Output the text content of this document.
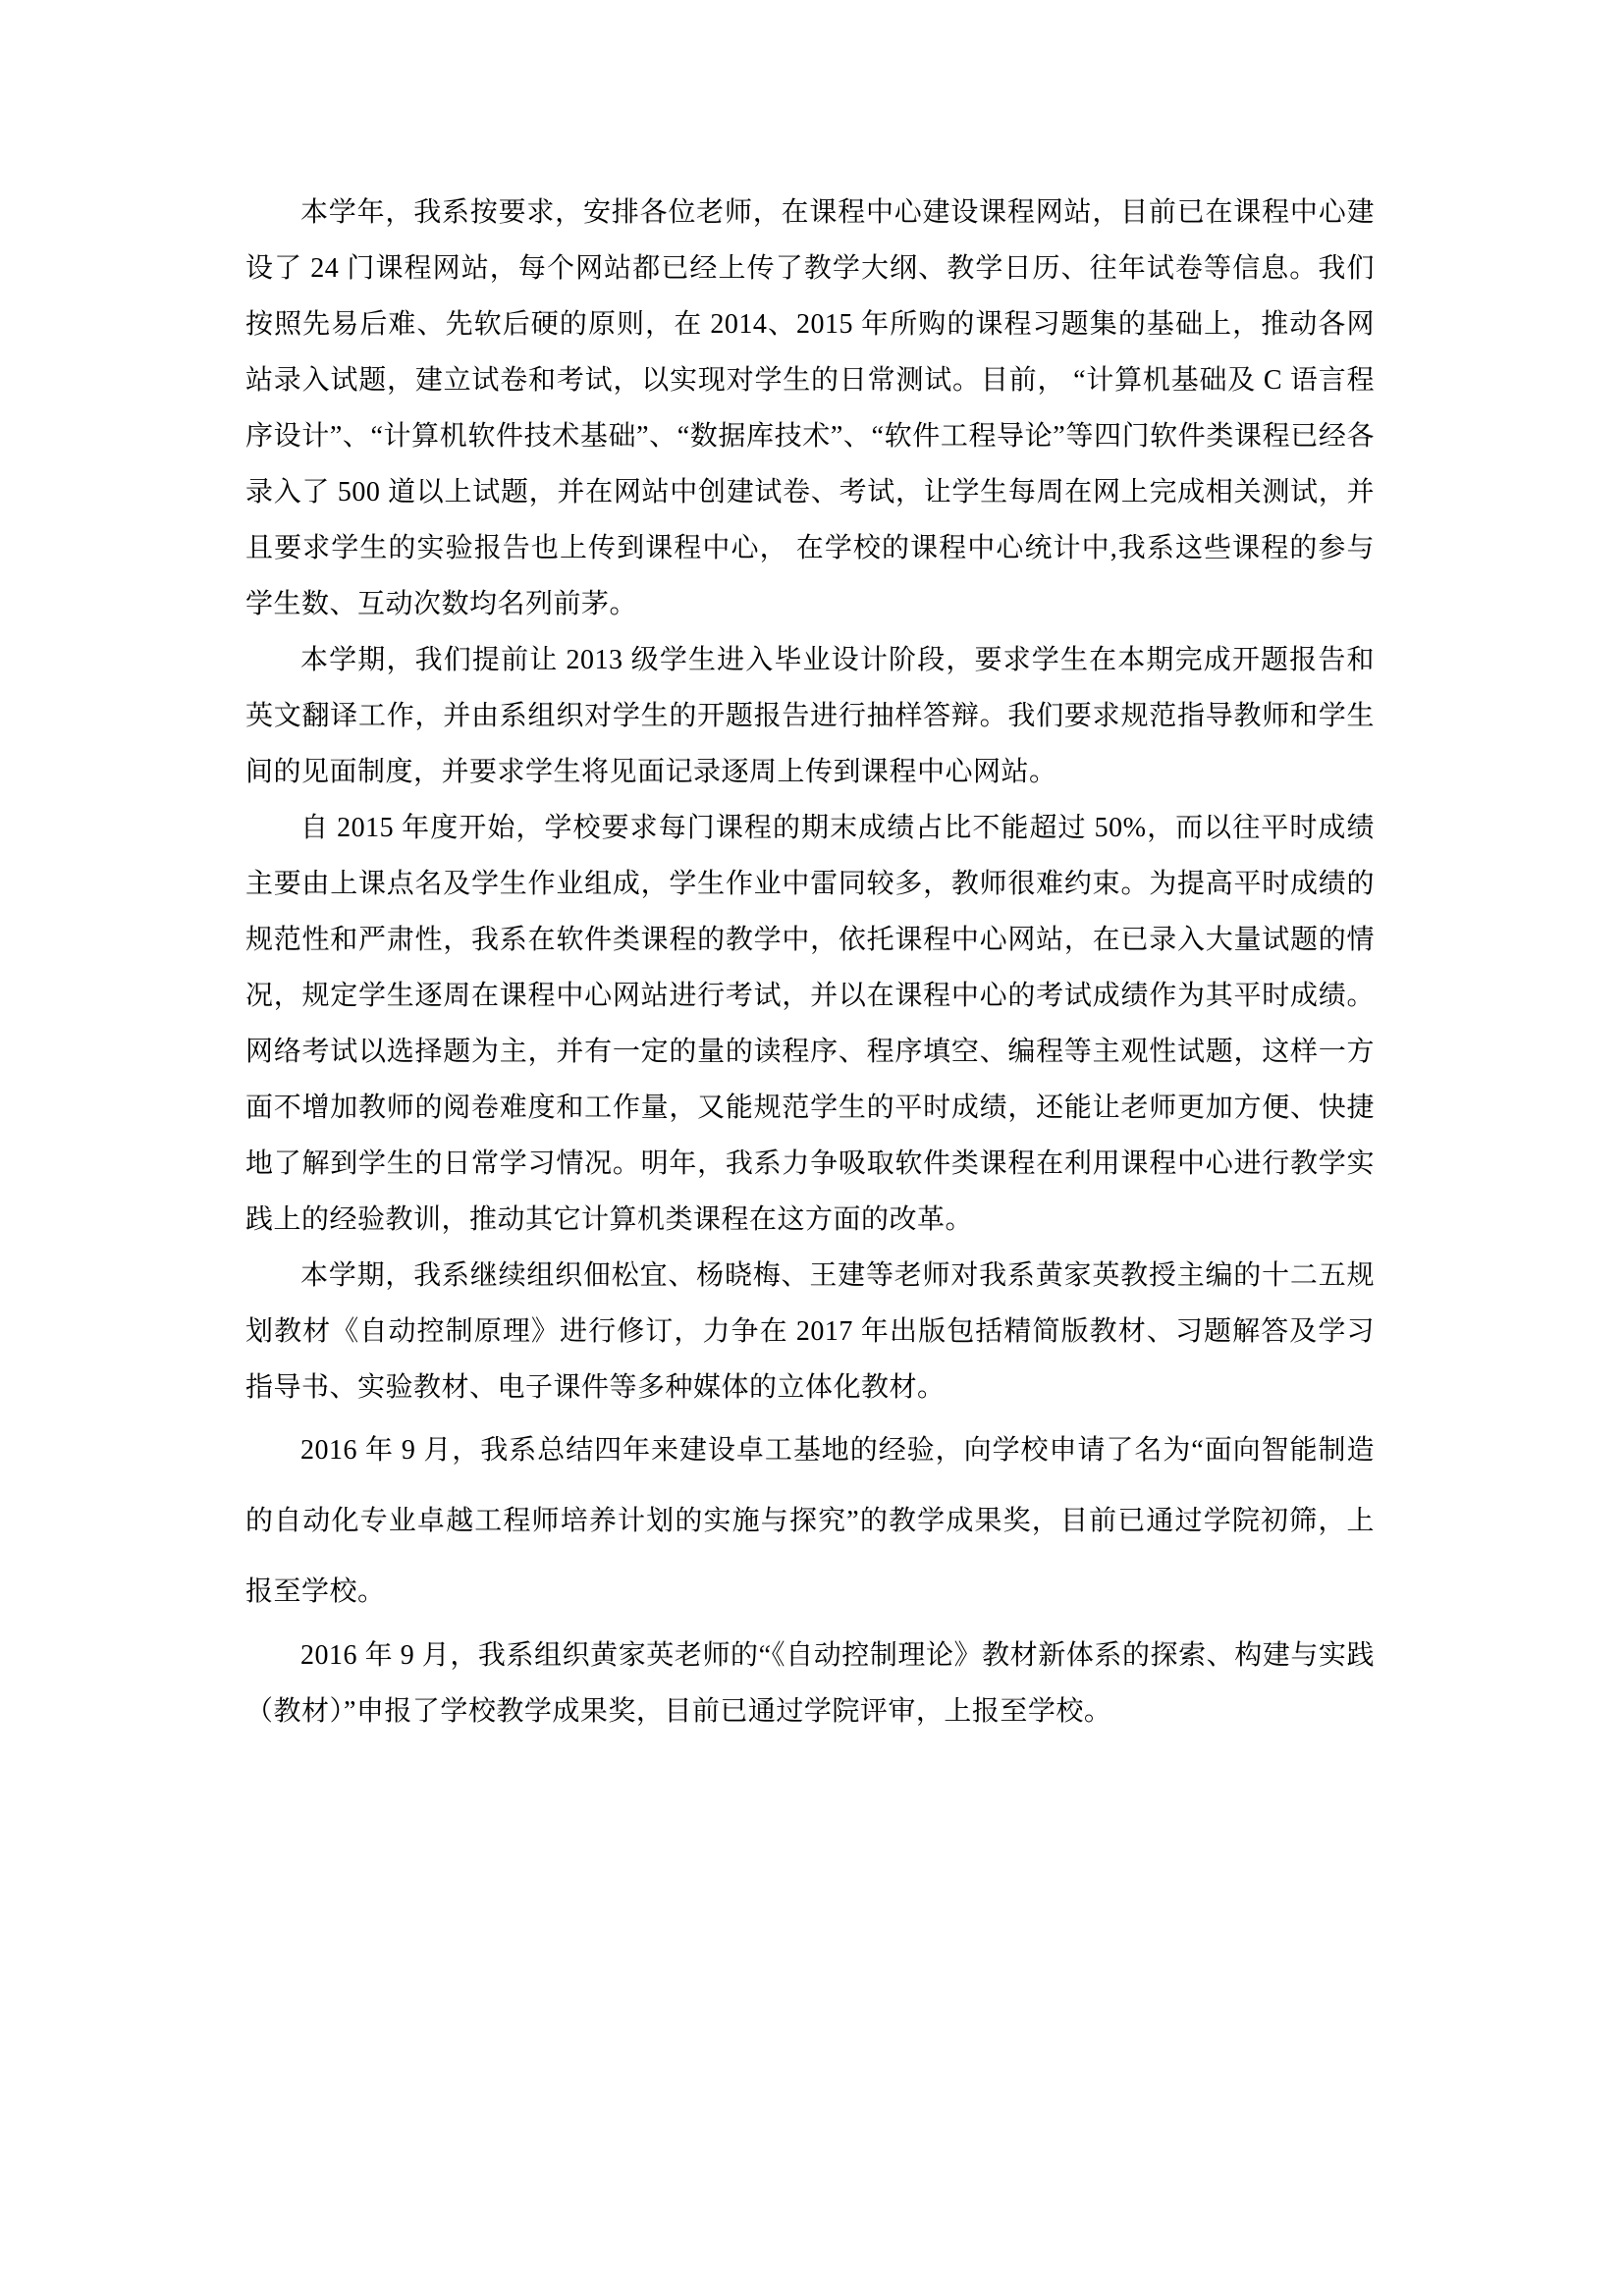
本学年，我系按要求，安排各位老师，在课程中心建设课程网站，目前已在课程中心建设了 24 门课程网站，每个网站都已经上传了教学大纲、教学日历、往年试卷等信息。我们按照先易后难、先软后硬的原则，在 2014、2015 年所购的课程习题集的基础上，推动各网站录入试题，建立试卷和考试，以实现对学生的日常测试。目前， “计算机基础及 C 语言程序设计”、“计算机软件技术基础”、“数据库技术”、“软件工程导论”等四门软件类课程已经各录入了 500 道以上试题，并在网站中创建试卷、考试，让学生每周在网上完成相关测试，并且要求学生的实验报告也上传到课程中心， 在学校的课程中心统计中,我系这些课程的参与学生数、互动次数均名列前茅。

本学期，我们提前让 2013 级学生进入毕业设计阶段，要求学生在本期完成开题报告和英文翻译工作，并由系组织对学生的开题报告进行抽样答辩。我们要求规范指导教师和学生间的见面制度，并要求学生将见面记录逐周上传到课程中心网站。

自 2015 年度开始，学校要求每门课程的期末成绩占比不能超过 50%，而以往平时成绩主要由上课点名及学生作业组成，学生作业中雷同较多，教师很难约束。为提高平时成绩的规范性和严肃性，我系在软件类课程的教学中，依托课程中心网站，在已录入大量试题的情况，规定学生逐周在课程中心网站进行考试，并以在课程中心的考试成绩作为其平时成绩。网络考试以选择题为主，并有一定的量的读程序、程序填空、编程等主观性试题，这样一方面不增加教师的阅卷难度和工作量，又能规范学生的平时成绩，还能让老师更加方便、快捷地了解到学生的日常学习情况。明年，我系力争吸取软件类课程在利用课程中心进行教学实践上的经验教训，推动其它计算机类课程在这方面的改革。

本学期，我系继续组织佃松宜、杨晓梅、王建等老师对我系黄家英教授主编的十二五规划教材《自动控制原理》进行修订，力争在 2017 年出版包括精简版教材、习题解答及学习指导书、实验教材、电子课件等多种媒体的立体化教材。

2016 年 9 月，我系总结四年来建设卓工基地的经验，向学校申请了名为“面向智能制造的自动化专业卓越工程师培养计划的实施与探究”的教学成果奖，目前已通过学院初筛，上报至学校。

2016 年 9 月，我系组织黄家英老师的“《自动控制理论》教材新体系的探索、构建与实践（教材）”申报了学校教学成果奖，目前已通过学院评审，上报至学校。
